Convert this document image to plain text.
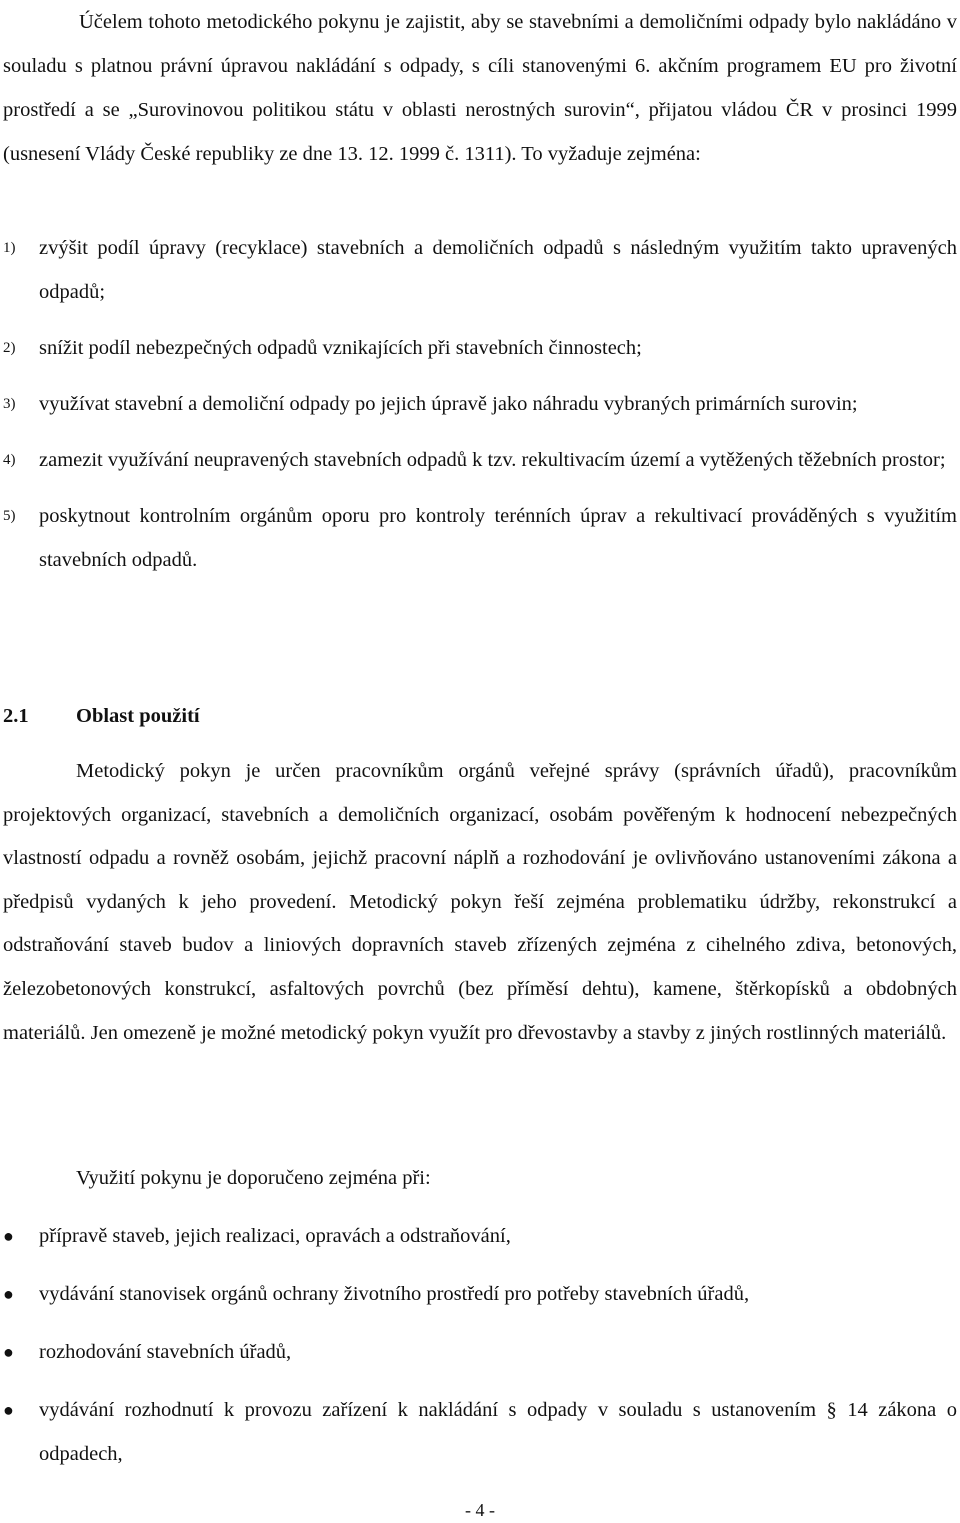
Účelem tohoto metodického pokynu je zajistit, aby se stavebními a demoličními odpady bylo nakládáno v souladu s platnou právní úpravou nakládání s odpady, s cíli stanovenými 6. akčním programem EU pro životní prostředí a se „Surovinovou politikou státu v oblasti nerostných surovin“, přijatou vládou ČR v prosinci 1999 (usnesení Vlády České republiky ze dne 13. 12. 1999 č. 1311). To vyžaduje zejména:

1) zvýšit podíl úpravy (recyklace) stavebních a demoličních odpadů s následným využitím takto upravených odpadů;
2) snížit podíl nebezpečných odpadů vznikajících při stavebních činnostech;
3) využívat stavební a demoliční odpady po jejich úpravě jako náhradu vybraných primárních surovin;
4) zamezit využívání neupravených stavebních odpadů k tzv. rekultivacím území a vytěžených těžebních prostor;
5) poskytnout kontrolním orgánům oporu pro kontroly terénních úprav a rekultivací prováděných s využitím stavebních odpadů.
2.1 Oblast použití

Metodický pokyn je určen pracovníkům orgánů veřejné správy (správních úřadů), pracovníkům projektových organizací, stavebních a demoličních organizací, osobám pověřeným k hodnocení nebezpečných vlastností odpadu a rovněž osobám, jejichž pracovní náplň a rozhodování je ovlivňováno ustanoveními zákona a předpisů vydaných k jeho provedení. Metodický pokyn řeší zejména problematiku údržby, rekonstrukcí a odstraňování staveb budov a liniových dopravních staveb zřízených zejména z cihelného zdiva, betonových, železobetonových konstrukcí, asfaltových povrchů (bez příměsí dehtu), kamene, štěrkopísků a obdobných materiálů. Jen omezeně je možné metodický pokyn využít pro dřevostavby a stavby z jiných rostlinných materiálů.

Využití pokynu je doporučeno zejména při:

● přípravě staveb, jejich realizaci, opravách a odstraňování,
● vydávání stanovisek orgánů ochrany životního prostředí pro potřeby stavebních úřadů,
● rozhodování stavebních úřadů,
● vydávání rozhodnutí k provozu zařízení k nakládání s odpady v souladu s ustanovením § 14 zákona o odpadech,
- 4 -
